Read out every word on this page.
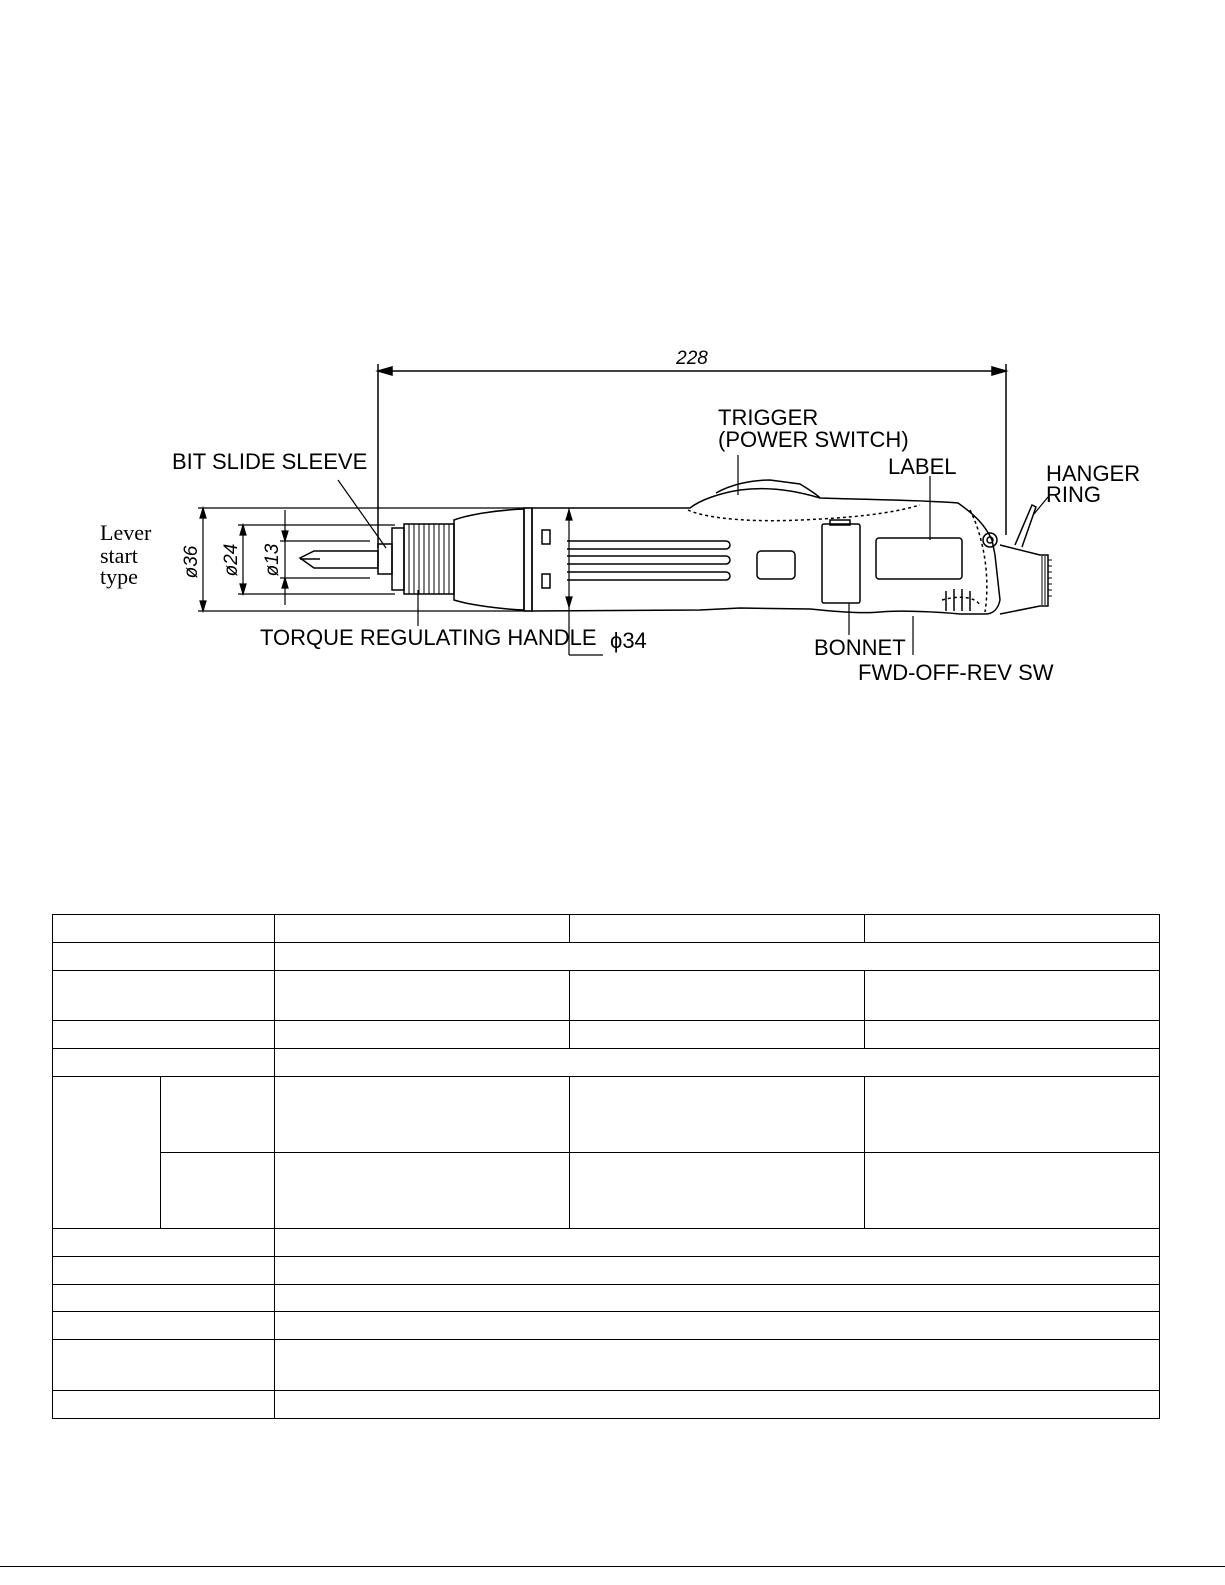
228
ø36 ø24 ø13
ϕ34
Lever
start
type
TRIGGER
(POWER SWITCH)
LABEL	HANGER
RING
BIT SLIDE SLEEVE
TORQUE REGULATING HANDLE	BONNET
FWD-OFF-REV SW
